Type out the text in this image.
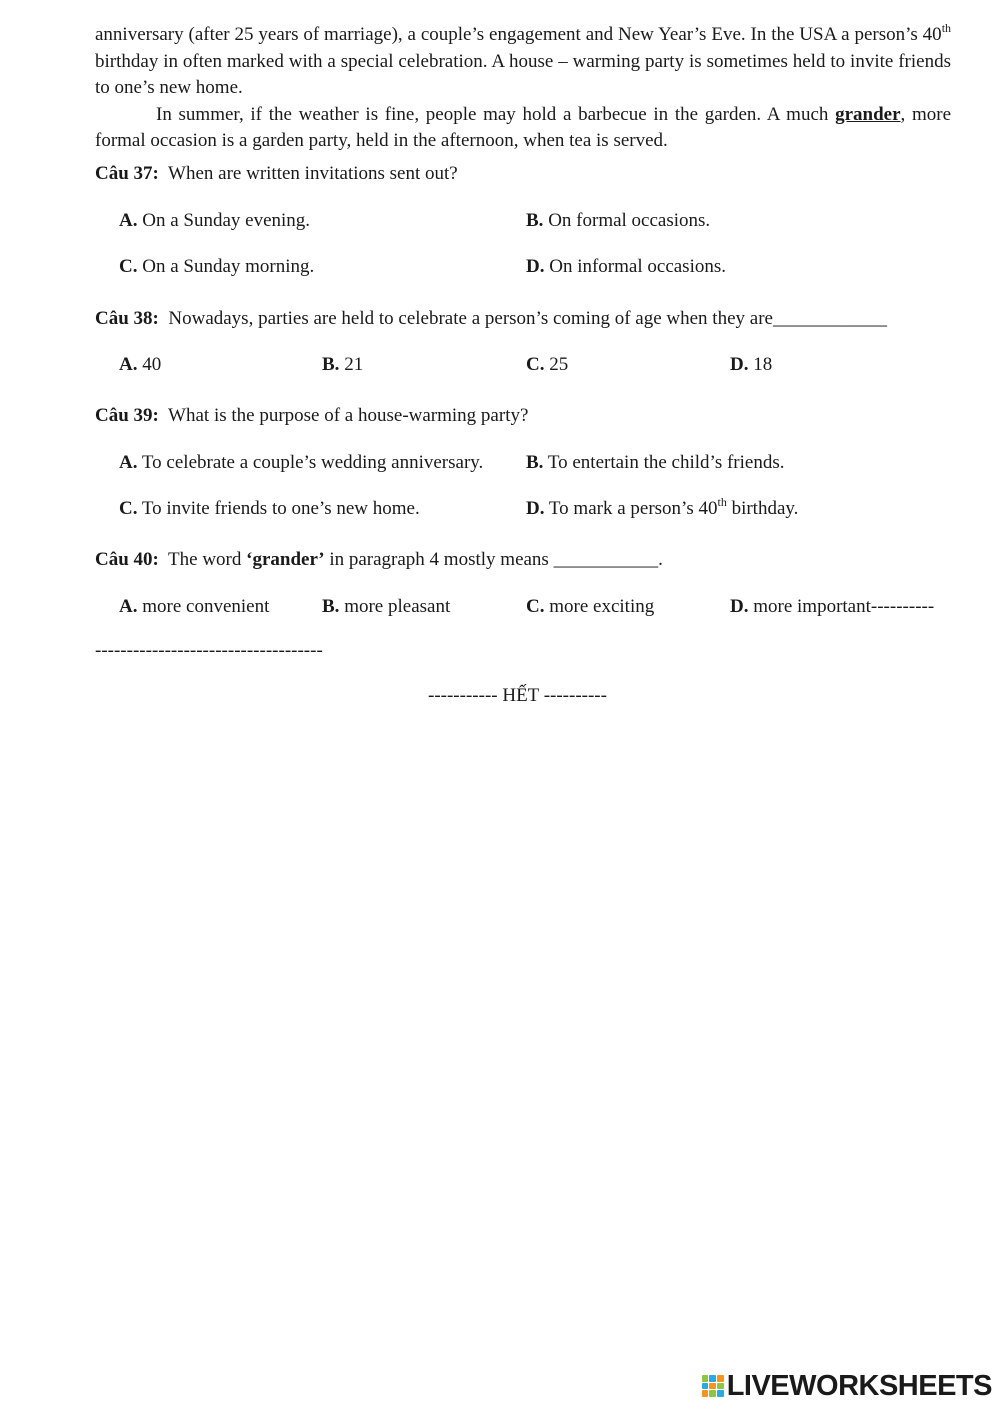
anniversary (after 25 years of marriage), a couple’s engagement and New Year’s Eve. In the USA a person’s 40th birthday in often marked with a special celebration. A house – warming party is sometimes held to invite friends to one’s new home.

In summer, if the weather is fine, people may hold a barbecue in the garden. A much grander, more formal occasion is a garden party, held in the afternoon, when tea is served.

Câu 37: When are written invitations sent out?
A. On a Sunday evening.	B. On formal occasions.
C. On a Sunday morning.	D. On informal occasions.
Câu 38: Nowadays, parties are held to celebrate a person’s coming of age when they are____________
A. 40	B. 21	C. 25	D. 18
Câu 39: What is the purpose of a house-warming party?
A. To celebrate a couple’s wedding anniversary. B. To entertain the child’s friends.
C. To invite friends to one’s new home.	D. To mark a person’s 40th birthday.
Câu 40: The word ‘grander’ in paragraph 4 mostly means ___________.
A. more convenient	B. more pleasant	C. more exciting	D. more important----------
------------------------------------
----------- HẾT ----------
LIVEWORKSHEETS
